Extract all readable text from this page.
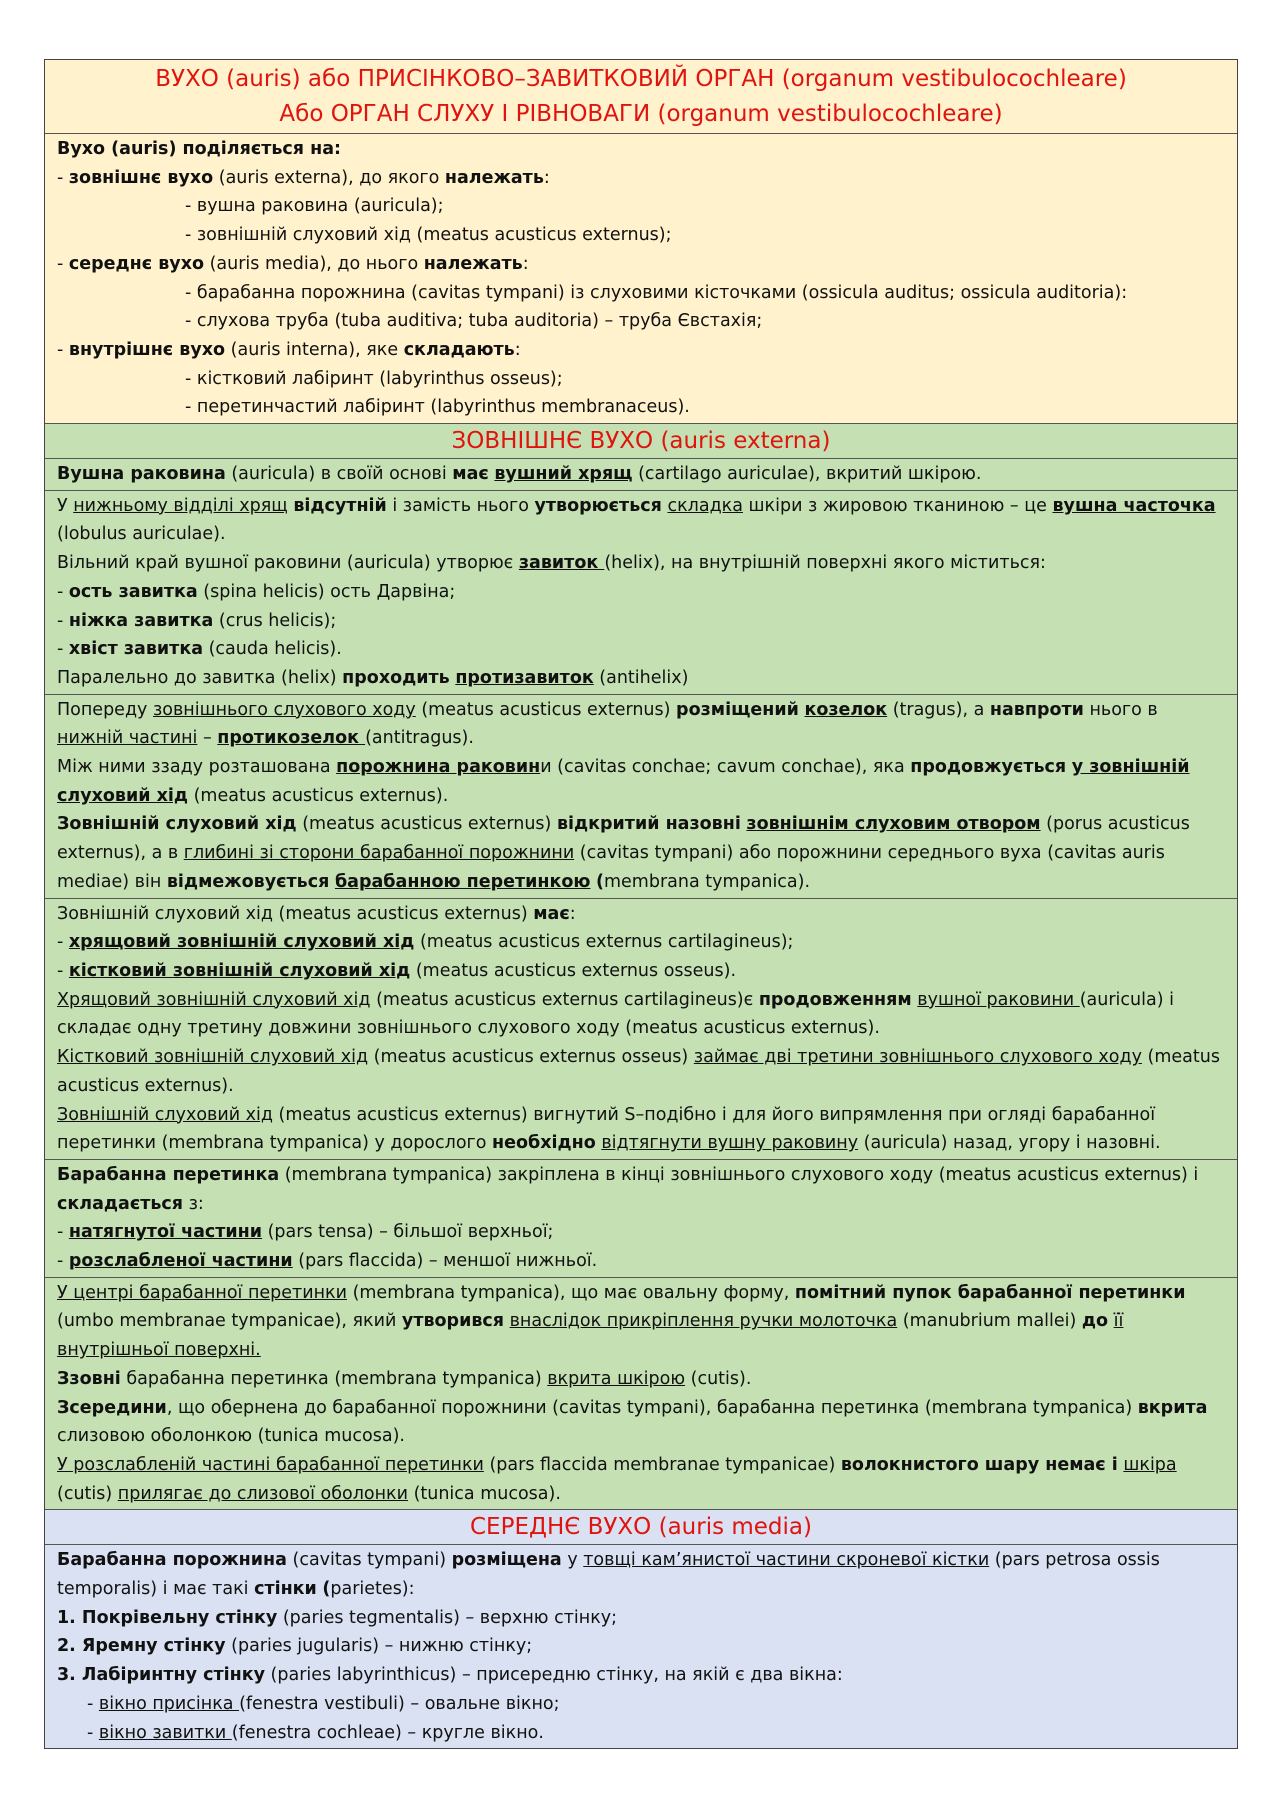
ВУХО (auris) або ПРИСІНКОВО–ЗАВИТКОВИЙ ОРГАН (organum vestibulocochleare)
Або ОРГАН СЛУХУ І РІВНОВАГИ (organum vestibulocochleare)
Вухо (auris) поділяється на:
- зовнішнє вухо (auris externa), до якого належать:
- вушна раковина (auricula);
- зовнішній слуховий хід (meatus acusticus externus);
- середнє вухо (auris media), до нього належать:
- барабанна порожнина (cavitas tympani) із слуховими кісточками (ossicula auditus; ossicula auditoria):
- слухова труба (tuba auditiva; tuba auditoria) – труба Євстахія;
- внутрішнє вухо (auris interna), яке складають:
- кістковий лабіринт (labyrinthus osseus);
- перетинчастий лабіринт (labyrinthus membranaceus).
ЗОВНІШНЄ ВУХО (auris externa)
Вушна раковина (auricula) в своїй основі має вушний хрящ (cartilago auriculae), вкритий шкірою.
У нижньому відділі хрящ відсутній і замість нього утворюється складка шкіри з жировою тканиною – це вушна часточка (lobulus auriculae).
Вільний край вушної раковини (auricula) утворює завиток (helix), на внутрішній поверхні якого міститься:
- ость завитка (spina helicis) ость Дарвіна;
- ніжка завитка (crus helicis);
- хвіст завитка (cauda helicis).
Паралельно до завитка (helix) проходить протизавиток (antihelix)
Попереду зовнішнього слухового ходу (meatus acusticus externus) розміщений козелок (tragus), а навпроти нього в нижній частині – протикозелок (antitragus).
Між ними ззаду розташована порожнина раковини (cavitas conchae; cavum conchae), яка продовжується у зовнішній слуховий хід (meatus acusticus externus).
Зовнішній слуховий хід (meatus acusticus externus) відкритий назовні зовнішнім слуховим отвором (porus acusticus externus), а в глибині зі сторони барабанної порожнини (cavitas tympani) або порожнини середнього вуха (cavitas auris mediae) він відмежовується барабанною перетинкою (membrana tympanica).
Зовнішній слуховий хід (meatus acusticus externus) має:
- хрящовий зовнішній слуховий хід (meatus acusticus externus cartilagineus);
- кістковий зовнішній слуховий хід (meatus acusticus externus osseus).
Хрящовий зовнішній слуховий хід (meatus acusticus externus cartilagineus)є продовженням вушної раковини (auricula) і складає одну третину довжини зовнішнього слухового ходу (meatus acusticus externus).
Кістковий зовнішній слуховий хід (meatus acusticus externus osseus) займає дві третини зовнішнього слухового ходу (meatus acusticus externus).
Зовнішній слуховий хід (meatus acusticus externus) вигнутий S–подібно і для його випрямлення при огляді барабанної перетинки (membrana tympanica) у дорослого необхідно відтягнути вушну раковину (auricula) назад, угору і назовні.
Барабанна перетинка (membrana tympanica) закріплена в кінці зовнішнього слухового ходу (meatus acusticus externus) і складається з:
- натягнутої частини (pars tensa) – більшої верхньої;
- розслабленої частини (pars flaccida) – меншої нижньої.
У центрі барабанної перетинки (membrana tympanica), що має овальну форму, помітний пупок барабанної перетинки (umbo membranae tympanicae), який утворився внаслідок прикріплення ручки молоточка (manubrium mallei) до її внутрішньої поверхні.
Ззовні барабанна перетинка (membrana tympanica) вкрита шкірою (cutis).
Зсередини, що обернена до барабанної порожнини (cavitas tympani), барабанна перетинка (membrana tympanica) вкрита слизовою оболонкою (tunica mucosa).
У розслабленій частині барабанної перетинки (pars flaccida membranae tympanicae) волокнистого шару немає і шкіра (cutis) прилягає до слизової оболонки (tunica mucosa).
СЕРЕДНЄ ВУХО (auris media)
Барабанна порожнина (cavitas tympani) розміщена у товщі кам’янистої частини скроневої кістки (pars petrosa ossis temporalis) і має такі стінки (parietes):
1. Покрівельну стінку (paries tegmentalis) – верхню стінку;
2. Яремну стінку (paries jugularis) – нижню стінку;
3. Лабіринтну стінку (paries labyrinthicus) – присередню стінку, на якій є два вікна:
- вікно присінка (fenestra vestibuli) – овальне вікно;
- вікно завитки (fenestra cochleae) – кругле вікно.
